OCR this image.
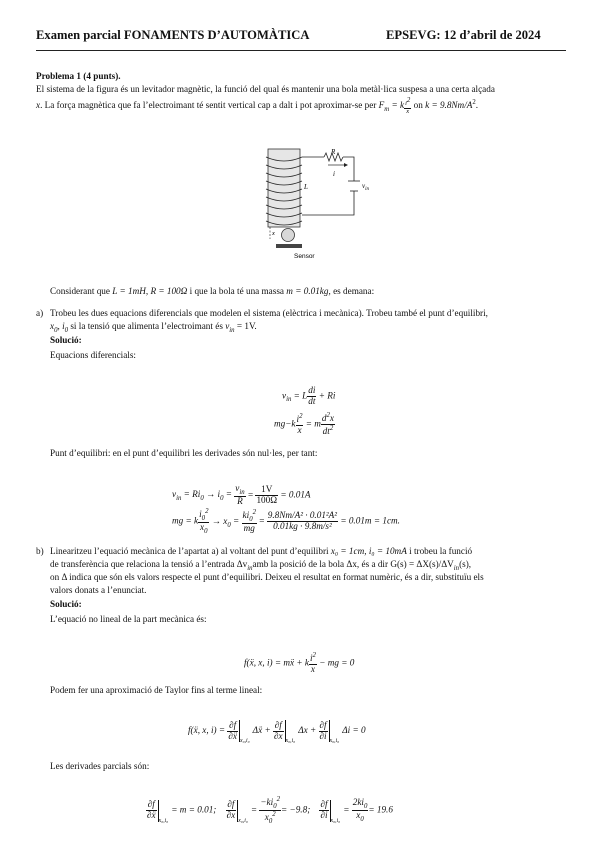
Examen parcial FONAMENTS D’AUTOMÀTICA	EPSEVG: 12 d’abril de 2024
Problema 1 (4 punts).
El sistema de la figura és un levitador magnètic, la funció del qual és mantenir una bola metàl·lica suspesa a una certa alçada
x. La força magnètica que fa l’electroimant té sentit vertical cap a dalt i pot aproximar-se per $F_m = k \frac{i^2}{x}$ on $k = 9.8Nm/A^2$.
R
i
L	$v_{in}$
x
Sensor
Considerant que L = 1mH, R = 100Ω i que la bola té una massa m = 0.01kg, es demana:
a) Trobeu les dues equacions diferencials que modelen el sistema (elèctrica i mecànica). Trobeu també el punt d’equilibri,
$x_0$, $i_0$ si la tensió que alimenta l’electroimant és $v_{in} = 1V$.
Solució:
Equacions diferencials:
$v_{in} = L \frac{di}{dt} + Ri$
$mg-k \frac{i^2}{x} = m \frac{d^2x}{dt^2}$
Punt d’equilibri: en el punt d’equilibri les derivades són nul·les, per tant:
$v_{in} = Ri_0 \to i_0 = \frac{v_{in}}{R} = \frac{1V}{100\Omega} = 0.01A$
mg = k $\frac{i_0^2}{x_0} \to x_0 = \frac{ki_0^2}{mg} = \frac{\text{9.8Nm/A² · 0.01²A²}}{\text{0.01kg · 9.8m/s²}} = 0.01m = 1cm$.
b) Linearitzeu l’equació mecànica de l’apartat a) al voltant del punt d’equilibri x₀ = 1cm, i₀ = 10mA i trobeu la funció
de transferència que relaciona la tensió a l’entrada $\Delta v_{in}amb$ la posició de la bola Δx, és a dir $G(s) = \Delta X(s)/\Delta V_{in}(s)$,
on Δ indica que són els valors respecte el punt d’equilibri. Deixeu el resultat en format numèric, és a dir, substituïu els
valors donats a l’enunciat.
Solució:
L’equació no lineal de la part mecànica és:
f(ẍ, x, i) = mẍ + k $\frac{i^2}{x}$ − mg = 0
Podem fer una aproximació de Taylor fins al terme lineal:
f(ẍ, x, $i) = \frac{\partial f}{\text{∂ẍ}}$ $_{x_0,i_0}$Δẍ + $\frac{\partial f}{\partial x} _{x_0,i_0}\Delta x + \frac{\partial f}{\partial i} _{x_0,i_0}\Delta i = 0$
Les derivades parcials són:
$\frac{\partial f}{\text{∂ẍ}} _{x_0,i_0}= m = 0.01$; $\frac{\partial f}{\partial x} _{x_0,i_0}= \frac{-ki_0^2}{x_0^2} = -9.8$; $\frac{\partial f}{\partial i} _{x_0,i_0}= \frac{2ki_0}{x_0} = 19.6$
